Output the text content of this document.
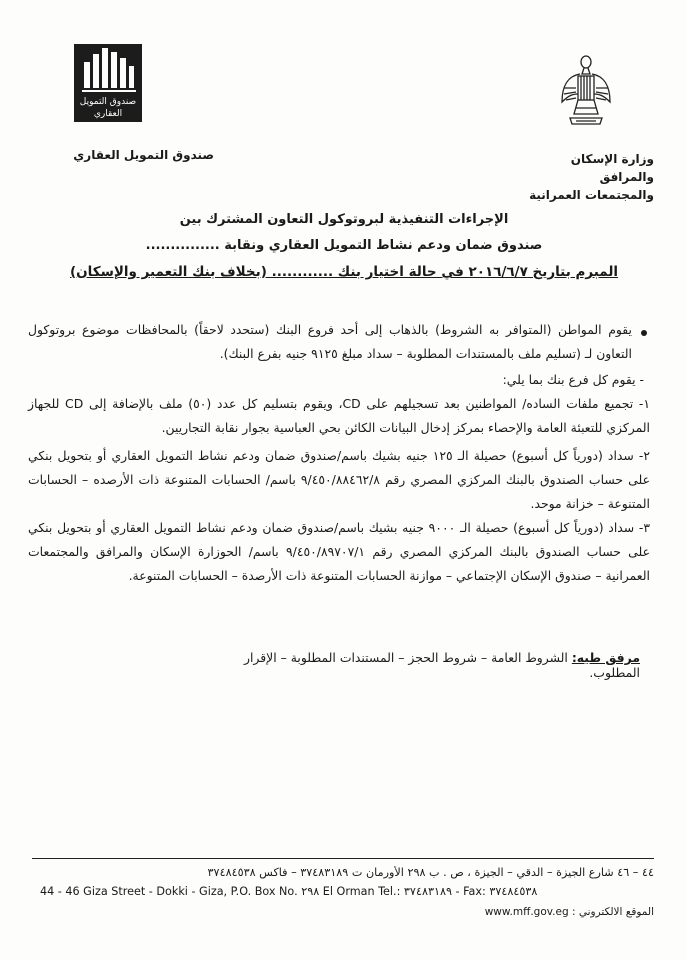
صندوق التمويل
العقاري
صندوق التمويل العقاري	وزارة الإسكان والمرافق
والمجتمعات العمرانية
الإجراءات التنفيذية لبروتوكول التعاون المشترك بين
صندوق ضمان ودعم نشاط التمويل العقاري ونقابة ...............
المبرم بتاريخ ٢٠١٦/٦/٧ في حالة اختيار بنك ............ (بخلاف بنك التعمير والإسكان)
يقوم المواطن (المتوافر به الشروط) بالذهاب إلى أحد فروع البنك (ستحدد لاحقاً) بالمحافظات موضوع بروتوكول التعاون لـ (تسليم ملف بالمستندات المطلوبة – سداد مبلغ ٩١٢٥ جنيه بفرع البنك).
- يقوم كل فرع بنك بما يلي:
١- تجميع ملفات الساده/ المواطنين بعد تسجيلهم على CD، ويقوم بتسليم كل عدد (٥٠) ملف بالإضافة إلى CD للجهاز المركزي للتعبئة العامة والإحصاء بمركز إدخال البيانات الكائن بحي العباسية بجوار نقابة التجاريين.
٢- سداد (دورياً كل أسبوع) حصيلة الـ ١٢٥ جنيه بشيك باسم/صندوق ضمان ودعم نشاط التمويل العقاري أو بتحويل بنكي على حساب الصندوق بالبنك المركزي المصري رقم ٩/٤٥٠/٨٨٤٦٢/٨ باسم/ الحسابات المتنوعة ذات الأرصده – الحسابات المتنوعة – خزانة موحد.
٣- سداد (دورياً كل أسبوع) حصيلة الـ ٩٠٠٠ جنيه بشيك باسم/صندوق ضمان ودعم نشاط التمويل العقاري أو بتحويل بنكي على حساب الصندوق بالبنك المركزي المصري رقم ٩/٤٥٠/٨٩٧٠٧/١ باسم/ الحوزارة الإسكان والمرافق والمجتمعات العمرانية – صندوق الإسكان الإجتماعي – موازنة الحسابات المتنوعة ذات الأرصدة – الحسابات المتنوعة.
مرفق طيه: الشروط العامة – شروط الحجز – المستندات المطلوبة – الإقرار المطلوب.
٤٤ – ٤٦ شارع الجيزة – الدقي – الجيزة ، ص . ب ٢٩٨ الأورمان ت ٣٧٤٨٣١٨٩ – فاكس ٣٧٤٨٤٥٣٨
44 - 46 Giza Street - Dokki - Giza, P.O. Box No. ٢٩٨ El Orman Tel.: ٣٧٤٨٣١٨٩ - Fax: ٣٧٤٨٤٥٣٨
www.mff.gov.eg : الموقع الالكتروني
